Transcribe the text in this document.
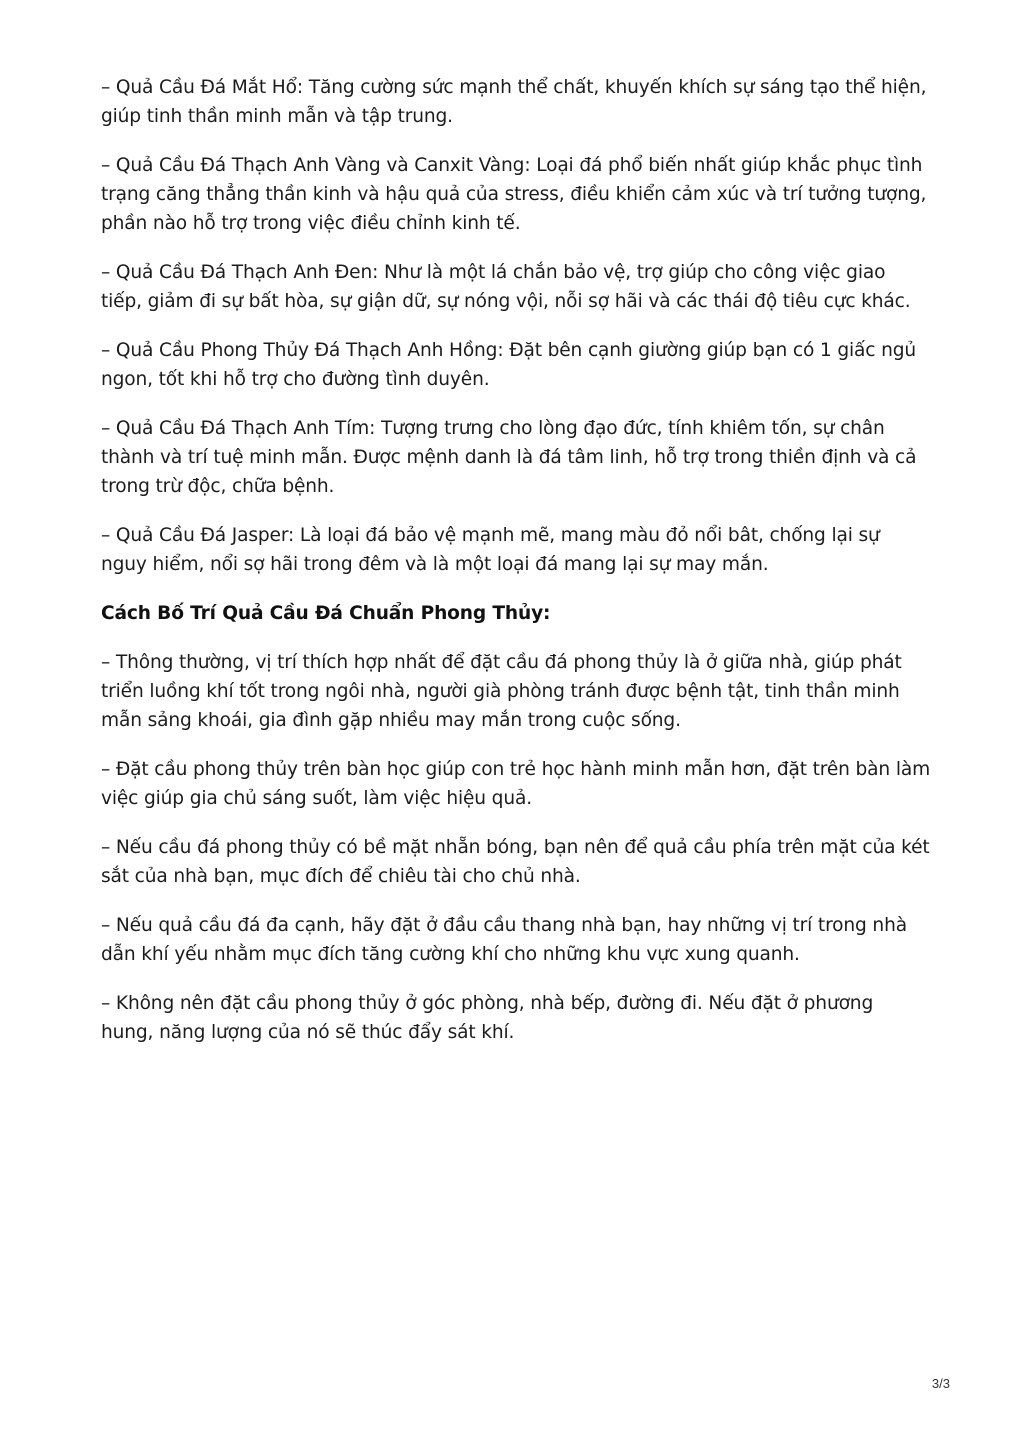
– Quả Cầu Đá Mắt Hổ: Tăng cường sức mạnh thể chất, khuyến khích sự sáng tạo thể hiện, giúp tinh thần minh mẫn và tập trung.

– Quả Cầu Đá Thạch Anh Vàng và Canxit Vàng: Loại đá phổ biến nhất giúp khắc phục tình trạng căng thẳng thần kinh và hậu quả của stress, điều khiển cảm xúc và trí tưởng tượng, phần nào hỗ trợ trong việc điều chỉnh kinh tế.

– Quả Cầu Đá Thạch Anh Đen: Như là một lá chắn bảo vệ, trợ giúp cho công việc giao tiếp, giảm đi sự bất hòa, sự giận dữ, sự nóng vội, nỗi sợ hãi và các thái độ tiêu cực khác.

– Quả Cầu Phong Thủy Đá Thạch Anh Hồng: Đặt bên cạnh giường giúp bạn có 1 giấc ngủ ngon, tốt khi hỗ trợ cho đường tình duyên.

– Quả Cầu Đá Thạch Anh Tím: Tượng trưng cho lòng đạo đức, tính khiêm tốn, sự chân thành và trí tuệ minh mẫn. Được mệnh danh là đá tâm linh, hỗ trợ trong thiền định và cả trong trừ độc, chữa bệnh.

– Quả Cầu Đá Jasper: Là loại đá bảo vệ mạnh mẽ, mang màu đỏ nổi bât, chống lại sự nguy hiểm, nổi sợ hãi trong đêm và là một loại đá mang lại sự may mắn.

Cách Bố Trí Quả Cầu Đá Chuẩn Phong Thủy:

– Thông thường, vị trí thích hợp nhất để đặt cầu đá phong thủy là ở giữa nhà, giúp phát triển luồng khí tốt trong ngôi nhà, người già phòng tránh được bệnh tật, tinh thần minh mẫn sảng khoái, gia đình gặp nhiều may mắn trong cuộc sống.

– Đặt cầu phong thủy trên bàn học giúp con trẻ học hành minh mẫn hơn, đặt trên bàn làm việc giúp gia chủ sáng suốt, làm việc hiệu quả.

– Nếu cầu đá phong thủy có bề mặt nhẵn bóng, bạn nên để quả cầu phía trên mặt của két sắt của nhà bạn, mục đích để chiêu tài cho chủ nhà.

– Nếu quả cầu đá đa cạnh, hãy đặt ở đầu cầu thang nhà bạn, hay những vị trí trong nhà dẫn khí yếu nhằm mục đích tăng cường khí cho những khu vực xung quanh.

– Không nên đặt cầu phong thủy ở góc phòng, nhà bếp, đường đi. Nếu đặt ở phương hung, năng lượng của nó sẽ thúc đẩy sát khí.

3/3
